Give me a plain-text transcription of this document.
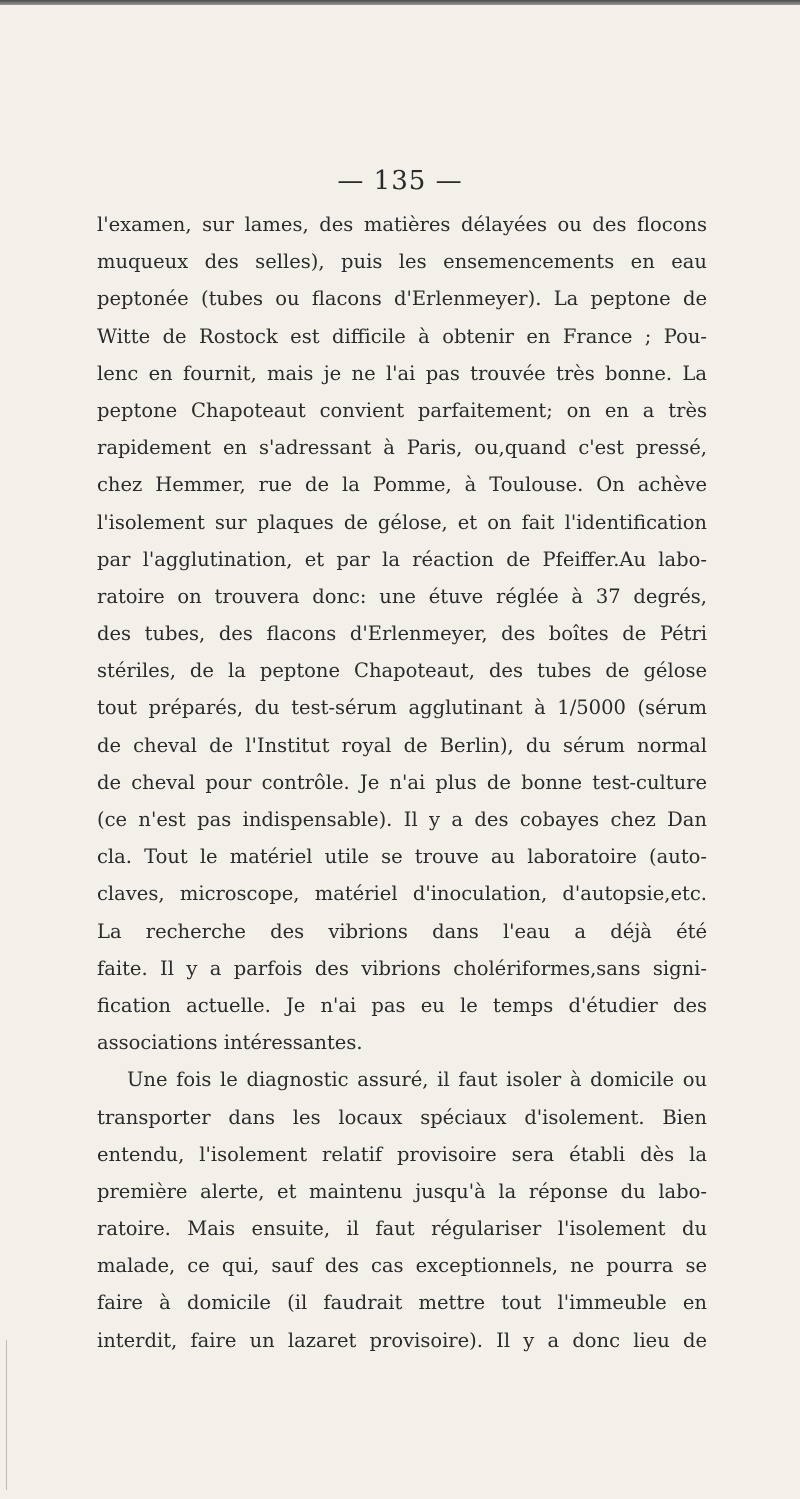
— 135 —
l'examen, sur lames, des matières délayées ou des flocons
muqueux des selles), puis les ensemencements en eau
peptonée (tubes ou flacons d'Erlenmeyer). La peptone de
Witte de Rostock est difficile à obtenir en France ; Pou-
lenc en fournit, mais je ne l'ai pas trouvée très bonne. La
peptone Chapoteaut convient parfaitement; on en a très
rapidement en s'adressant à Paris, ou,quand c'est pressé,
chez Hemmer, rue de la Pomme, à Toulouse. On achève
l'isolement sur plaques de gélose, et on fait l'identification
par l'agglutination, et par la réaction de Pfeiffer.Au labo-
ratoire on trouvera donc: une étuve réglée à 37 degrés,
des tubes, des flacons d'Erlenmeyer, des boîtes de Pétri
stériles, de la peptone Chapoteaut, des tubes de gélose
tout préparés, du test-sérum agglutinant à 1/5000 (sérum
de cheval de l'Institut royal de Berlin), du sérum normal
de cheval pour contrôle. Je n'ai plus de bonne test-culture
(ce n'est pas indispensable). Il y a des cobayes chez Dan
cla. Tout le matériel utile se trouve au laboratoire (auto-
claves, microscope, matériel d'inoculation, d'autopsie,etc.
La recherche des vibrions dans l'eau a déjà été
faite. Il y a parfois des vibrions cholériformes,sans signi-
fication actuelle. Je n'ai pas eu le temps d'étudier des
associations intéressantes.
Une fois le diagnostic assuré, il faut isoler à domicile ou
transporter dans les locaux spéciaux d'isolement. Bien
entendu, l'isolement relatif provisoire sera établi dès la
première alerte, et maintenu jusqu'à la réponse du labo-
ratoire. Mais ensuite, il faut régulariser l'isolement du
malade, ce qui, sauf des cas exceptionnels, ne pourra se
faire à domicile (il faudrait mettre tout l'immeuble en
interdit, faire un lazaret provisoire). Il y a donc lieu de
